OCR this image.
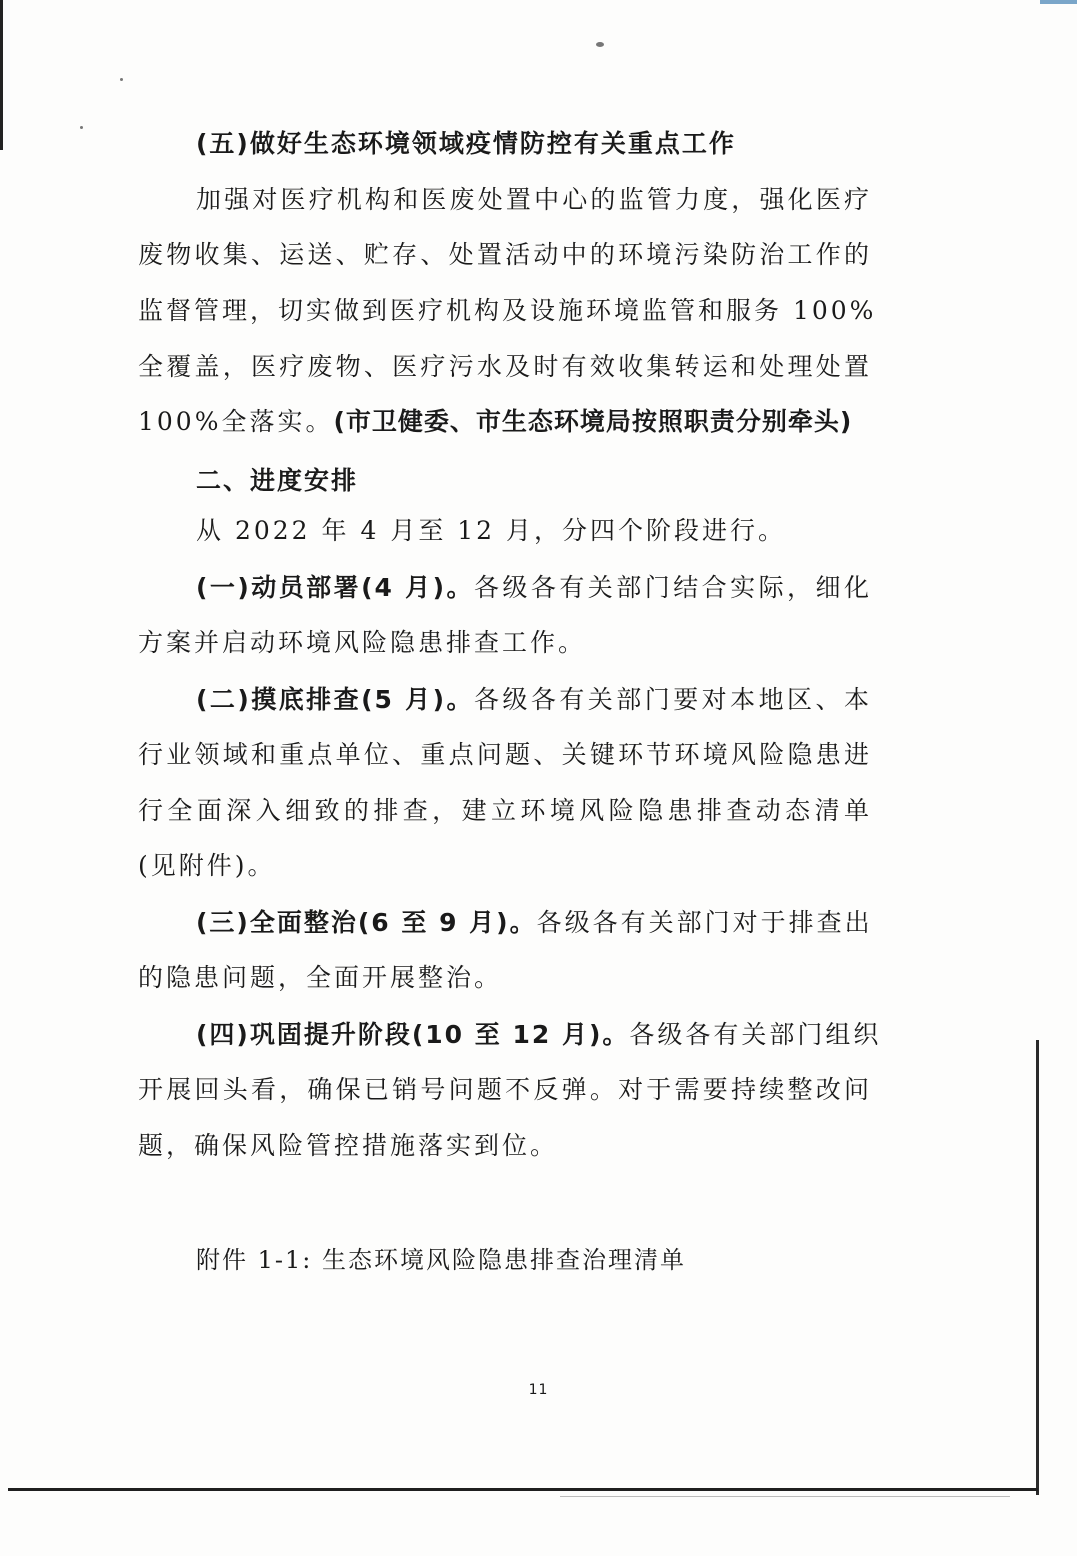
(五)做好生态环境领域疫情防控有关重点工作
加强对医疗机构和医废处置中心的监管力度，强化医疗
废物收集、运送、贮存、处置活动中的环境污染防治工作的
监督管理，切实做到医疗机构及设施环境监管和服务 100%
全覆盖，医疗废物、医疗污水及时有效收集转运和处理处置
100%全落实。(市卫健委、市生态环境局按照职责分别牵头)
二、进度安排
从 2022 年 4 月至 12 月，分四个阶段进行。
(一)动员部署(4 月)。各级各有关部门结合实际，细化
方案并启动环境风险隐患排查工作。
(二)摸底排查(5 月)。各级各有关部门要对本地区、本
行业领域和重点单位、重点问题、关键环节环境风险隐患进
行全面深入细致的排查，建立环境风险隐患排查动态清单
(见附件)。
(三)全面整治(6 至 9 月)。各级各有关部门对于排查出
的隐患问题，全面开展整治。
(四)巩固提升阶段(10 至 12 月)。各级各有关部门组织
开展回头看，确保已销号问题不反弹。对于需要持续整改问
题，确保风险管控措施落实到位。
附件 1-1: 生态环境风险隐患排查治理清单
11
